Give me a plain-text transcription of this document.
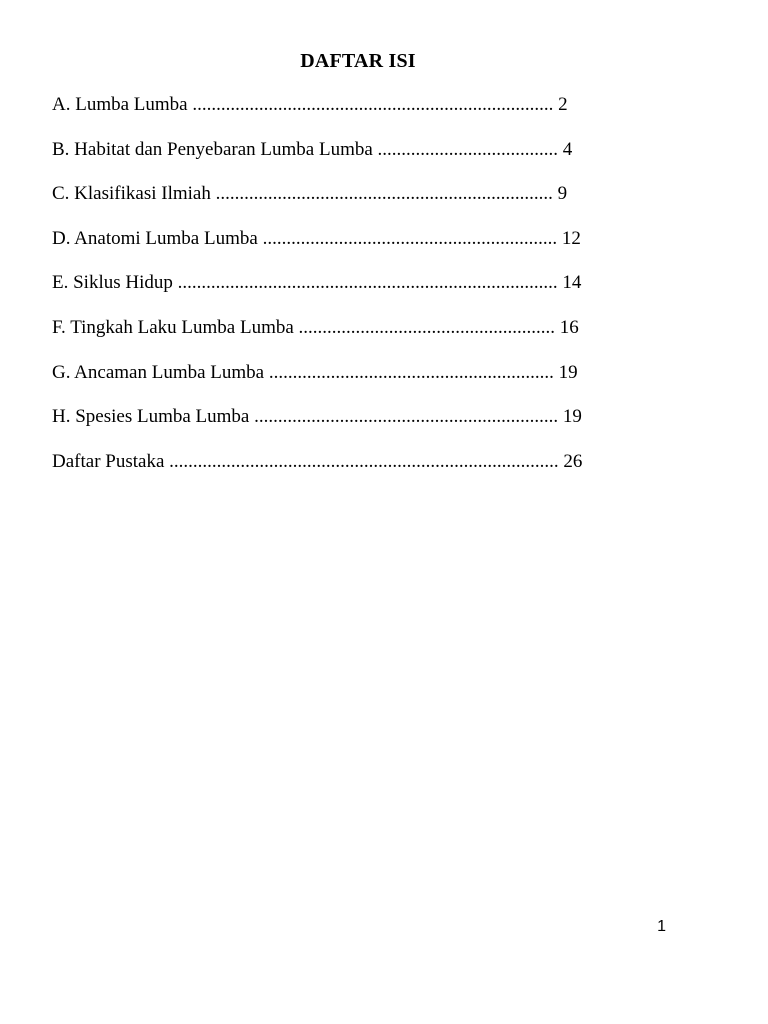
DAFTAR ISI
A. Lumba Lumba ............................................................................ 2
B. Habitat dan Penyebaran Lumba Lumba ...................................... 4
C. Klasifikasi Ilmiah ....................................................................... 9
D. Anatomi Lumba Lumba .............................................................. 12
E. Siklus Hidup ................................................................................ 14
F. Tingkah Laku Lumba Lumba ...................................................... 16
G. Ancaman Lumba Lumba ............................................................ 19
H. Spesies Lumba Lumba ................................................................ 19
Daftar Pustaka .................................................................................. 26
1
